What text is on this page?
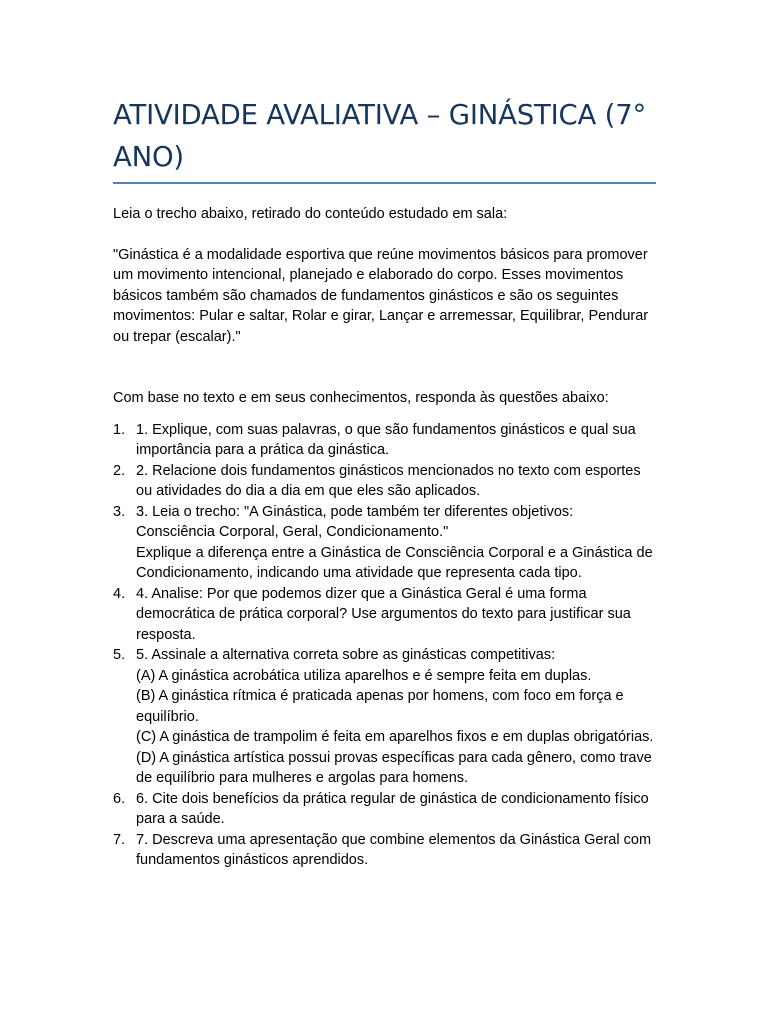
ATIVIDADE AVALIATIVA – GINÁSTICA (7° ANO)

Leia o trecho abaixo, retirado do conteúdo estudado em sala:

"Ginástica é a modalidade esportiva que reúne movimentos básicos para promover um movimento intencional, planejado e elaborado do corpo. Esses movimentos básicos também são chamados de fundamentos ginásticos e são os seguintes movimentos: Pular e saltar, Rolar e girar, Lançar e arremessar, Equilibrar, Pendurar ou trepar (escalar)."

Com base no texto e em seus conhecimentos, responda às questões abaixo:

1. 1. Explique, com suas palavras, o que são fundamentos ginásticos e qual sua importância para a prática da ginástica.
2. 2. Relacione dois fundamentos ginásticos mencionados no texto com esportes ou atividades do dia a dia em que eles são aplicados.
3. 3. Leia o trecho: "A Ginástica, pode também ter diferentes objetivos: Consciência Corporal, Geral, Condicionamento."
Explique a diferença entre a Ginástica de Consciência Corporal e a Ginástica de Condicionamento, indicando uma atividade que representa cada tipo.
4. 4. Analise: Por que podemos dizer que a Ginástica Geral é uma forma democrática de prática corporal? Use argumentos do texto para justificar sua resposta.
5. 5. Assinale a alternativa correta sobre as ginásticas competitivas:
(A) A ginástica acrobática utiliza aparelhos e é sempre feita em duplas.
(B) A ginástica rítmica é praticada apenas por homens, com foco em força e equilíbrio.
(C) A ginástica de trampolim é feita em aparelhos fixos e em duplas obrigatórias.
(D) A ginástica artística possui provas específicas para cada gênero, como trave de equilíbrio para mulheres e argolas para homens.
6. 6. Cite dois benefícios da prática regular de ginástica de condicionamento físico para a saúde.
7. 7. Descreva uma apresentação que combine elementos da Ginástica Geral com fundamentos ginásticos aprendidos.
